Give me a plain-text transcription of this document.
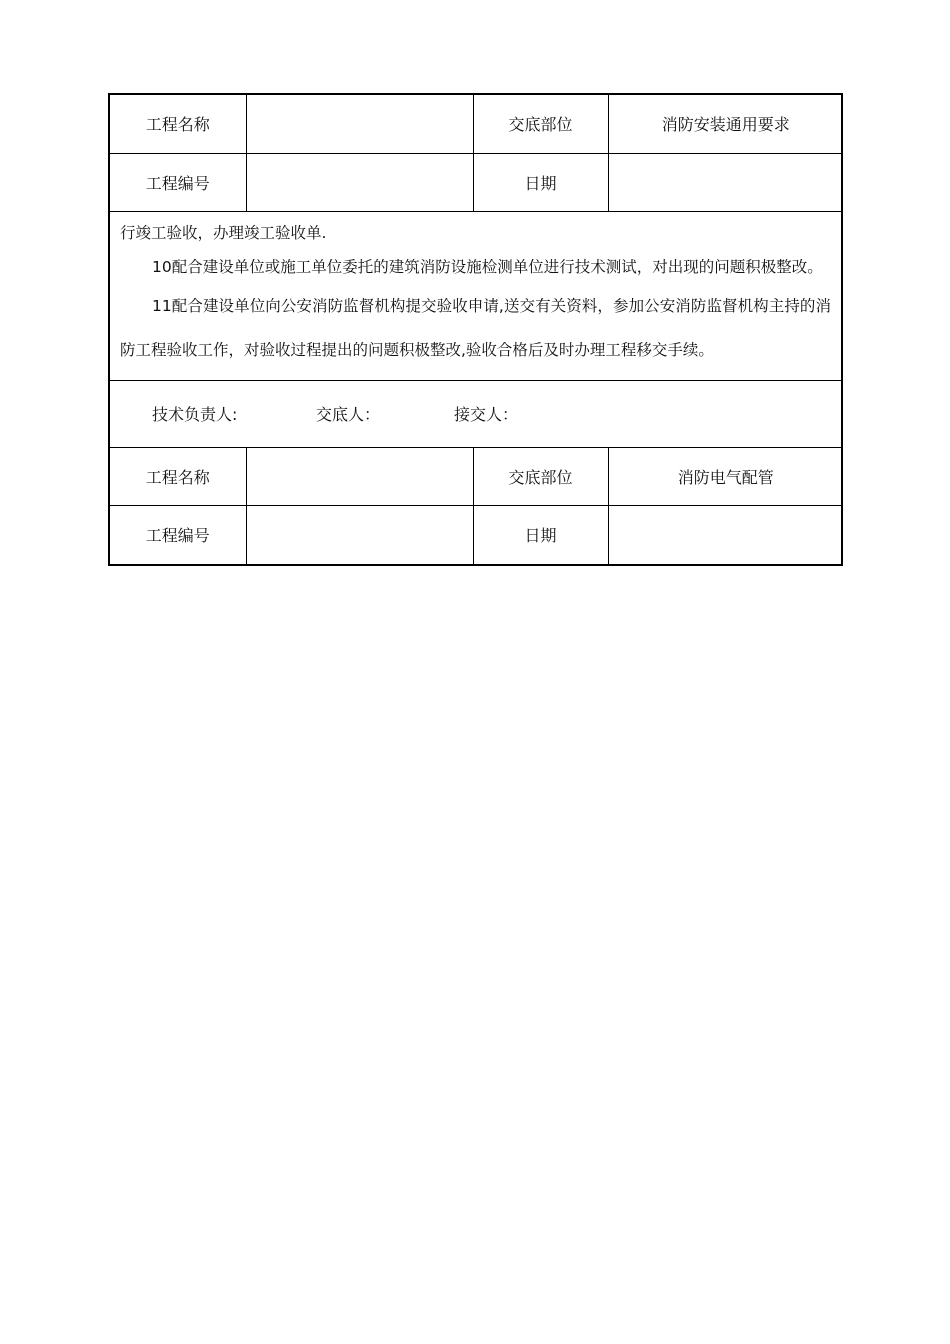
工程名称		交底部位	消防安装通用要求
工程编号		日期	

行竣工验收，办理竣工验收单.

10配合建设单位或施工单位委托的建筑消防设施检测单位进行技术测试，对出现的问题积极整改。

11配合建设单位向公安消防监督机构提交验收申请,送交有关资料，参加公安消防监督机构主持的消防工程验收工作，对验收过程提出的问题积极整改,验收合格后及时办理工程移交手续。

技术负责人:	交底人：	接交人：
工程名称		交底部位	消防电气配管
工程编号		日期	
